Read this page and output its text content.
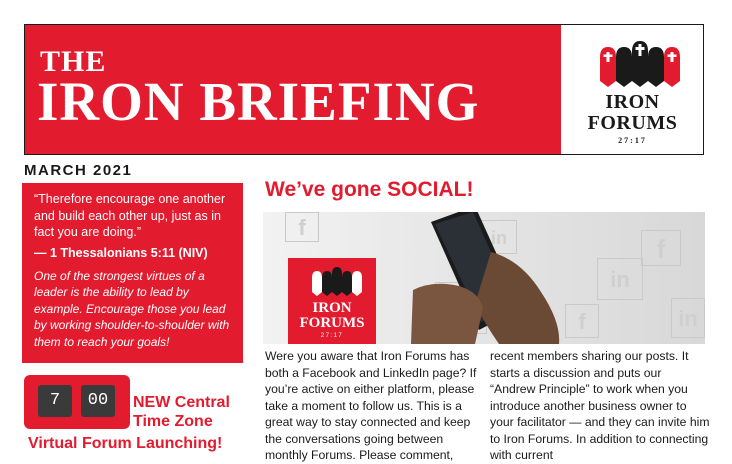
THE
IRON BRIEFING	IRON
FORUMS
27:17
MARCH 2021
“Therefore encourage one another and build each other up, just as in fact you are doing.”
— 1 Thessalonians 5:11 (NIV)
One of the strongest virtues of a leader is the ability to lead by example. Encourage those you lead by working shoulder-to-shoulder with them to reach your goals!
7	00	NEW Central
Time Zone
Virtual Forum Launching!
We’ve gone SOCIAL!
f	in
in
f
f	in
IRON
FORUMS
27:17
Were you aware that Iron Forums has both a Facebook and LinkedIn page? If you’re active on either platform, please take a moment to follow us. This is a great way to stay connected and keep the conversations going between monthly Forums. Please comment,
recent members sharing our posts. It starts a discussion and puts our “Andrew Principle” to work when you introduce another business owner to your facilitator — and they can invite him to Iron Forums. In addition to connecting with current
